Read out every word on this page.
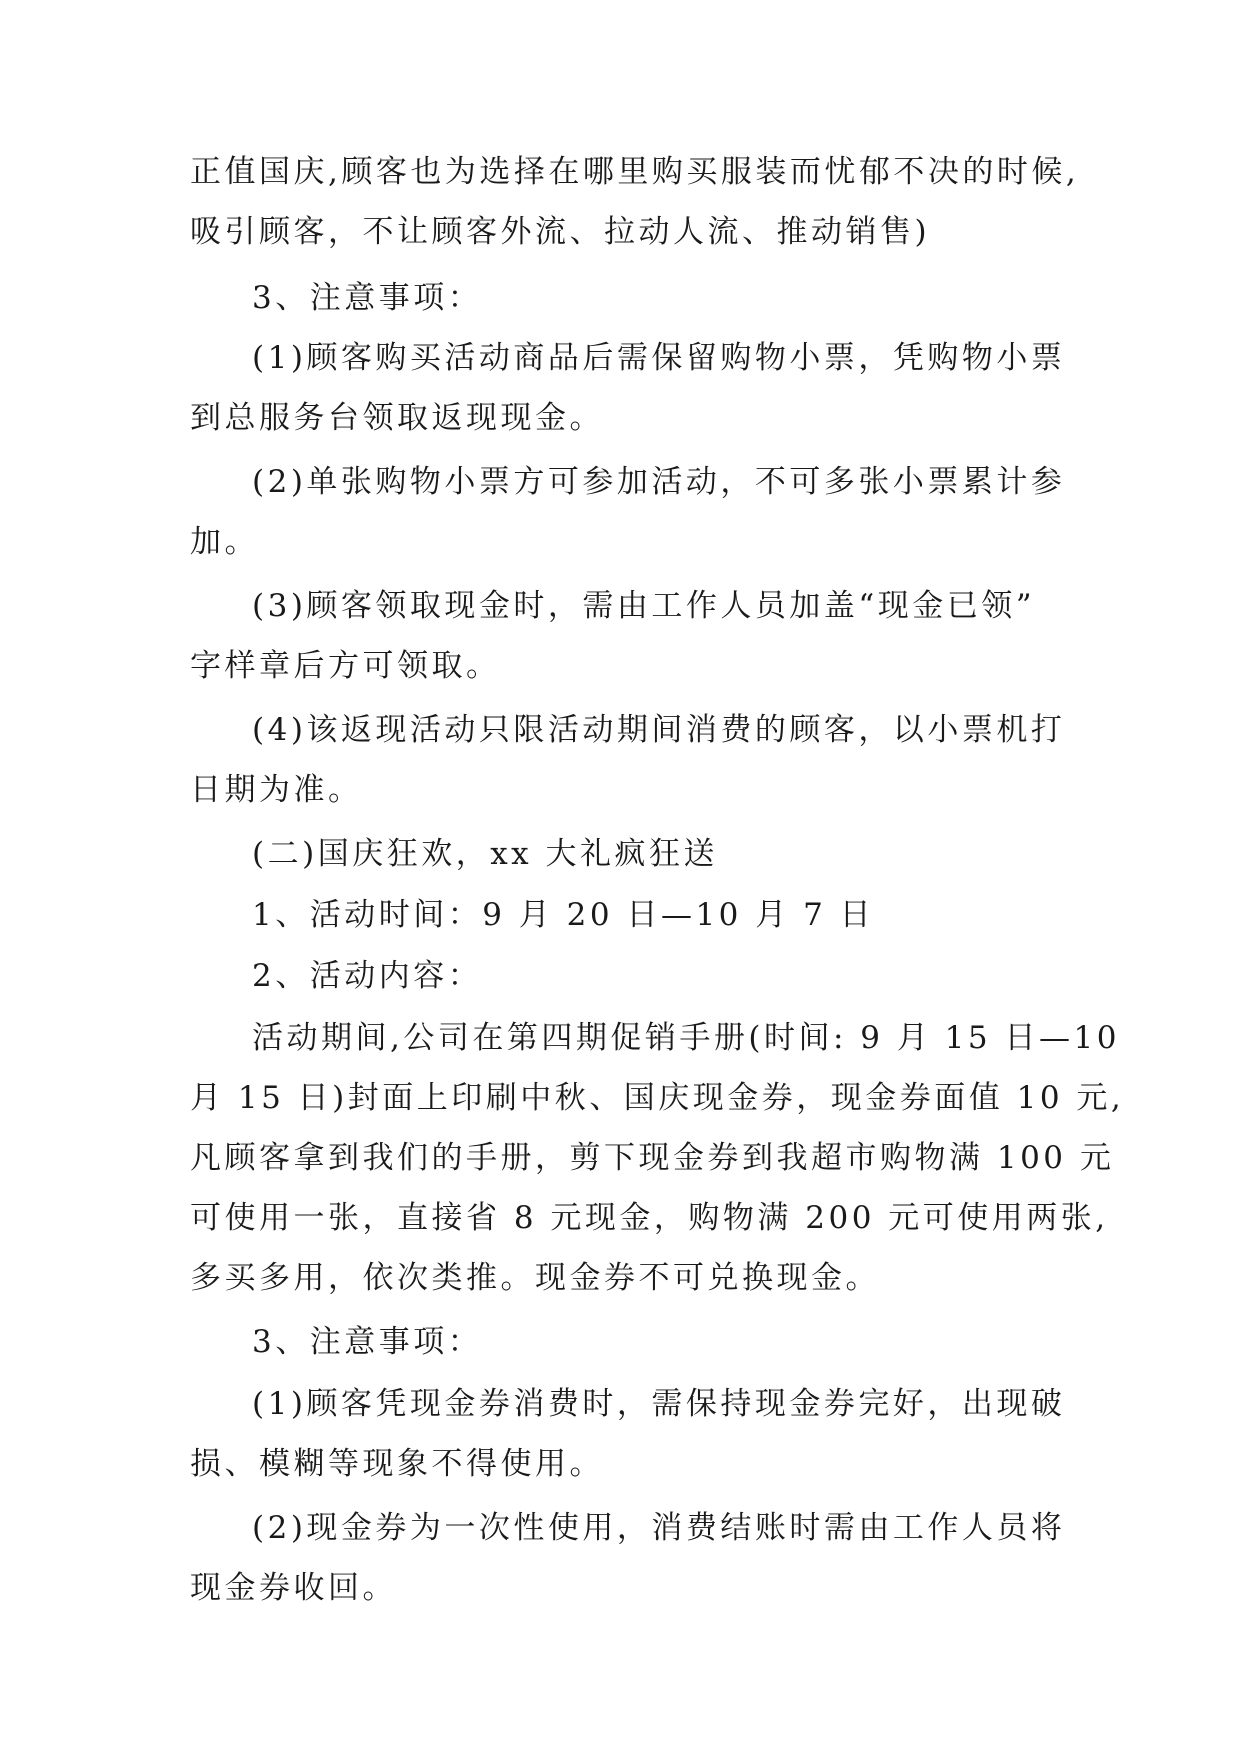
正值国庆,顾客也为选择在哪里购买服装而忧郁不决的时候,
吸引顾客，不让顾客外流、拉动人流、推动销售)
3、注意事项：
(1)顾客购买活动商品后需保留购物小票，凭购物小票
到总服务台领取返现现金。
(2)单张购物小票方可参加活动，不可多张小票累计参
加。
(3)顾客领取现金时，需由工作人员加盖“现金已领”
字样章后方可领取。
(4)该返现活动只限活动期间消费的顾客，以小票机打
日期为准。
(二)国庆狂欢，xx 大礼疯狂送
1、活动时间：9 月 20 日—10 月 7 日
2、活动内容：
活动期间,公司在第四期促销手册(时间: 9 月 15 日—10
月 15 日)封面上印刷中秋、国庆现金券，现金券面值 10 元,
凡顾客拿到我们的手册，剪下现金券到我超市购物满 100 元
可使用一张，直接省 8 元现金，购物满 200 元可使用两张,
多买多用，依次类推。现金券不可兑换现金。
3、注意事项：
(1)顾客凭现金券消费时，需保持现金券完好，出现破
损、模糊等现象不得使用。
(2)现金券为一次性使用，消费结账时需由工作人员将
现金券收回。
